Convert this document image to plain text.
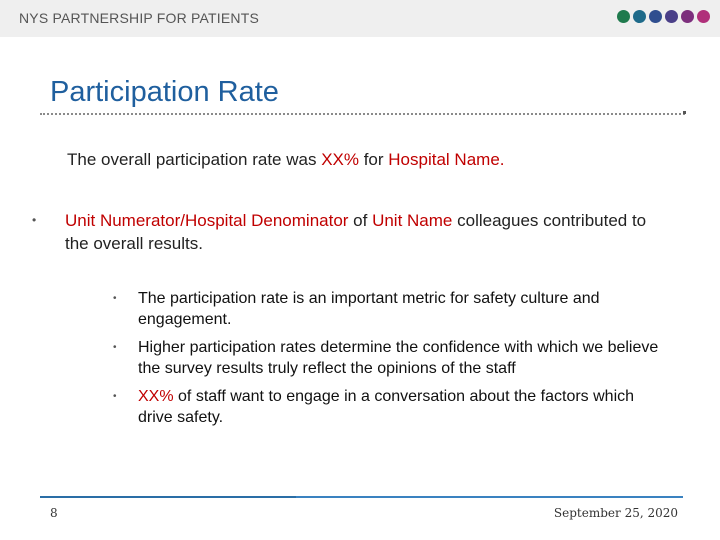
NYS PARTNERSHIP FOR PATIENTS
Participation Rate
The overall participation rate was XX% for Hospital Name.
• Unit Numerator/Hospital Denominator of Unit Name colleagues contributed to the overall results.
• The participation rate is an important metric for safety culture and engagement.
• Higher participation rates determine the confidence with which we believe the survey results truly reflect the opinions of the staff
• XX% of staff want to engage in a conversation about the factors which drive safety.
8	September 25, 2020
